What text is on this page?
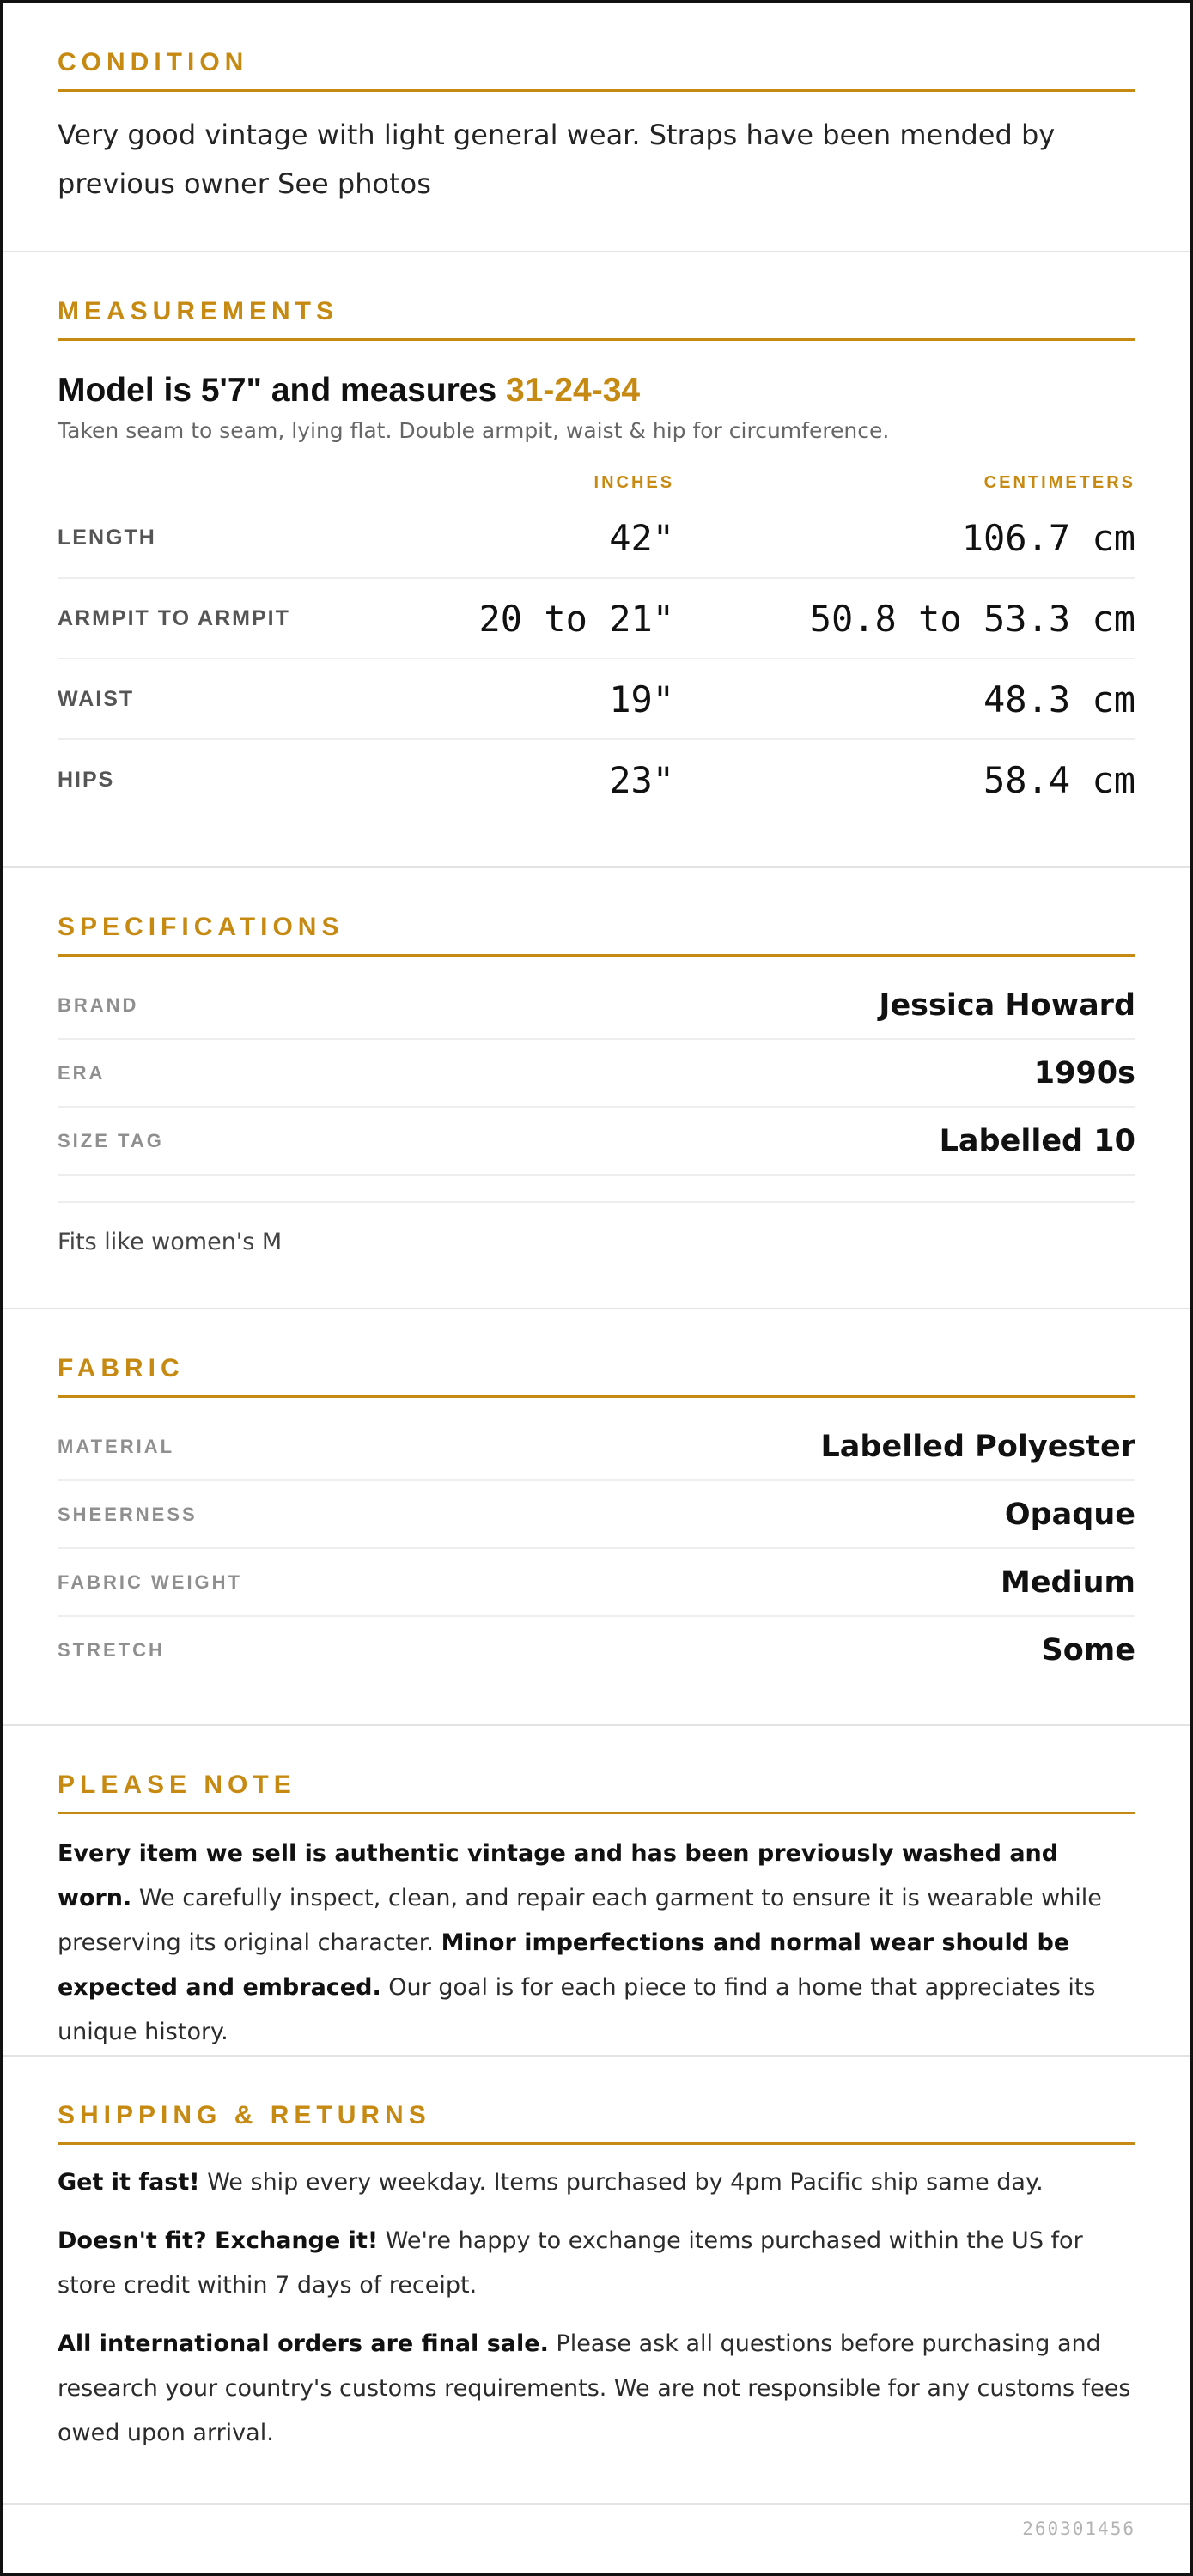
CONDITION
Very good vintage with light general wear. Straps have been mended by previous owner See photos
MEASUREMENTS
Model is 5'7" and measures 31-24-34
Taken seam to seam, lying flat. Double armpit, waist & hip for circumference.
INCHES	CENTIMETERS
LENGTH	42"	106.7 cm
ARMPIT TO ARMPIT	20 to 21"	50.8 to 53.3 cm
WAIST	19"	48.3 cm
HIPS	23"	58.4 cm
SPECIFICATIONS
BRAND	Jessica Howard
ERA	1990s
SIZE TAG	Labelled 10
Fits like women's M
FABRIC
MATERIAL	Labelled Polyester
SHEERNESS	Opaque
FABRIC WEIGHT	Medium
STRETCH	Some
PLEASE NOTE

Every item we sell is authentic vintage and has been previously washed and worn. We carefully inspect, clean, and repair each garment to ensure it is wearable while preserving its original character. Minor imperfections and normal wear should be expected and embraced. Our goal is for each piece to find a home that appreciates its unique history.

SHIPPING & RETURNS

Get it fast! We ship every weekday. Items purchased by 4pm Pacific ship same day.

Doesn't fit? Exchange it! We're happy to exchange items purchased within the US for store credit within 7 days of receipt.

All international orders are final sale. Please ask all questions before purchasing and research your country's customs requirements. We are not responsible for any customs fees owed upon arrival.

260301456
